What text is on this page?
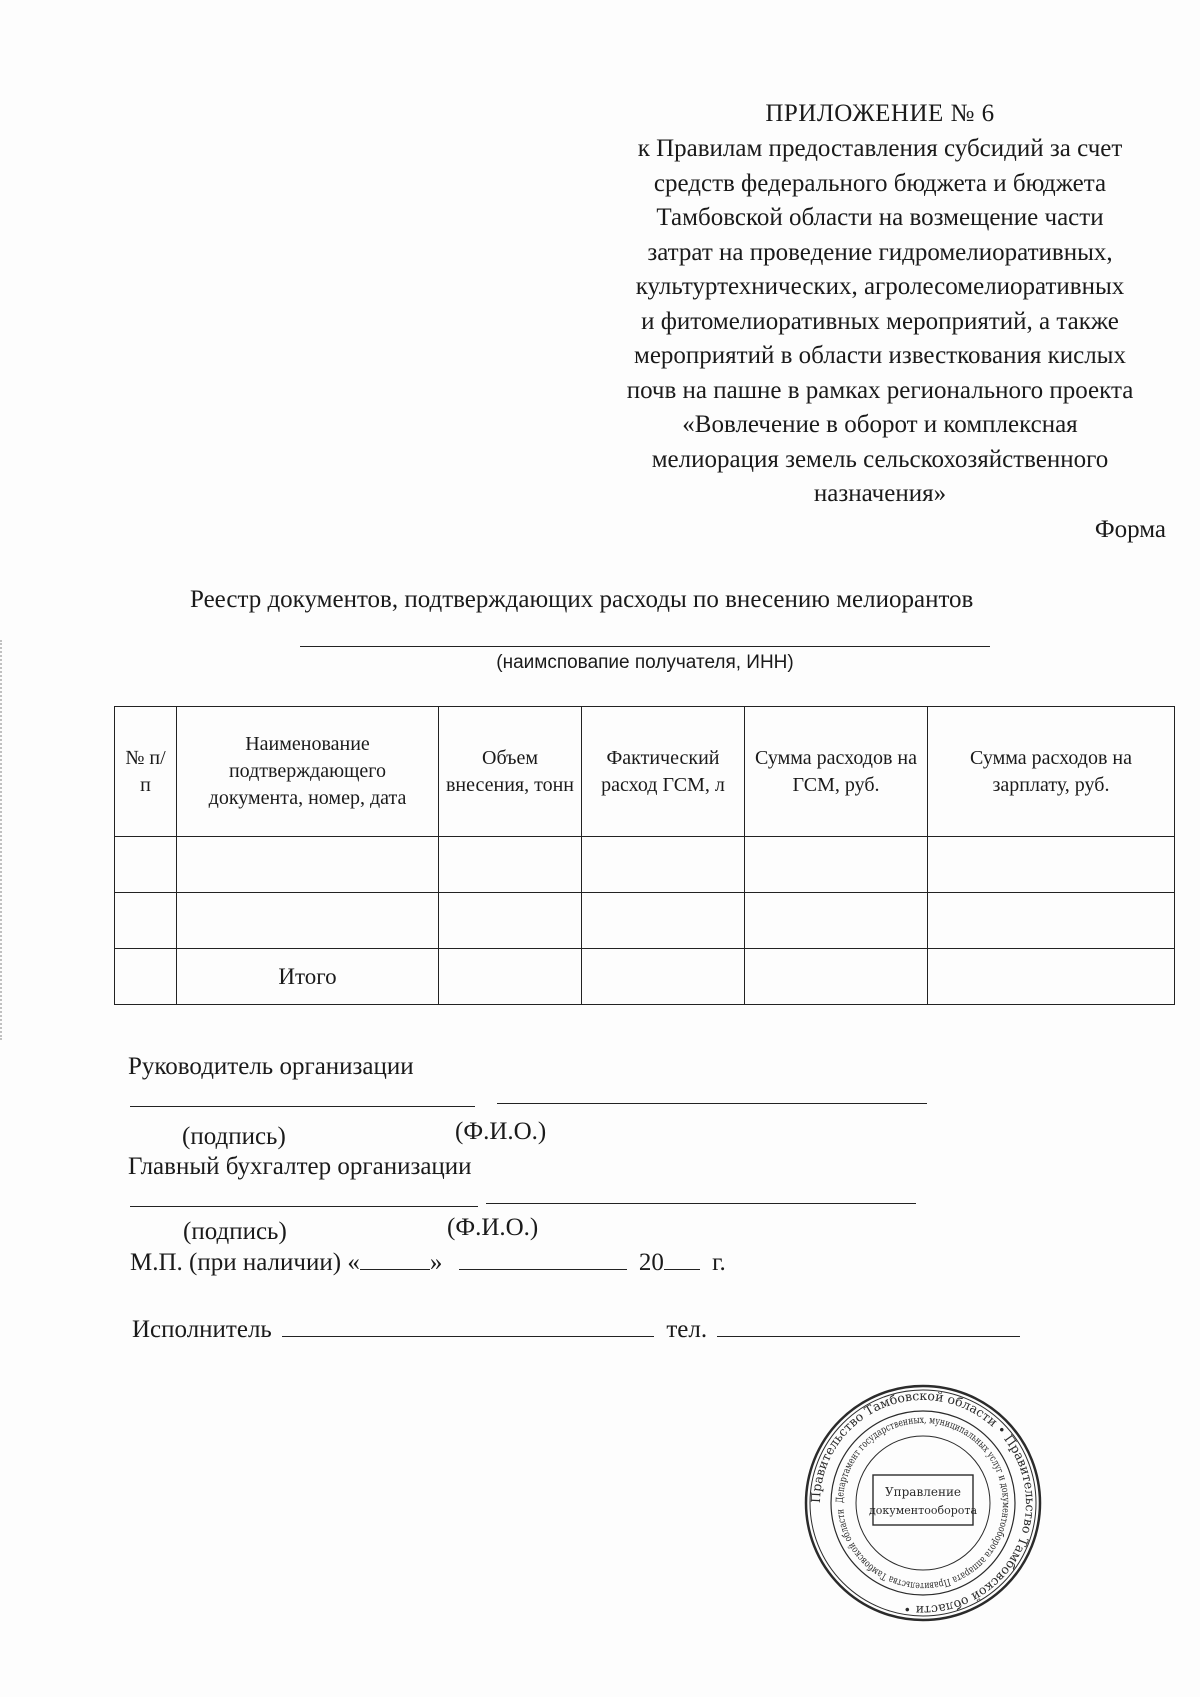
ПРИЛОЖЕНИЕ № 6
к Правилам предоставления субсидий за счет
средств федерального бюджета и бюджета
Тамбовской области на возмещение части
затрат на проведение гидромелиоративных,
культуртехнических, агролесомелиоративных
и фитомелиоративных мероприятий, а также
мероприятий в области известкования кислых
почв на пашне в рамках регионального проекта
«Вовлечение в оборот и комплексная
мелиорация земель сельскохозяйственного
назначения»
Форма
Реестр документов, подтверждающих расходы по внесению мелиорантов
(наимсповапие получателя, ИНН)
№ п/п	Наименование подтверждающего документа, номер, дата	Объем внесения, тонн	Фактический расход ГСМ, л	Сумма расходов на ГСМ, руб.	Сумма расходов на зарплату, руб.

	Итого				
Руководитель организации
(подпись)	(Ф.И.О.)
Главный бухгалтер организации
(подпись)	(Ф.И.О.)
М.П. (при наличии) «	»	20 г.
Исполнитель	тел.
Правительство Тамбовской области • Правительство Тамбовской области •
Департамент государственных, муниципальных услуг и документооборота аппарата Правительства Тамбовской области
Управление
документооборота
